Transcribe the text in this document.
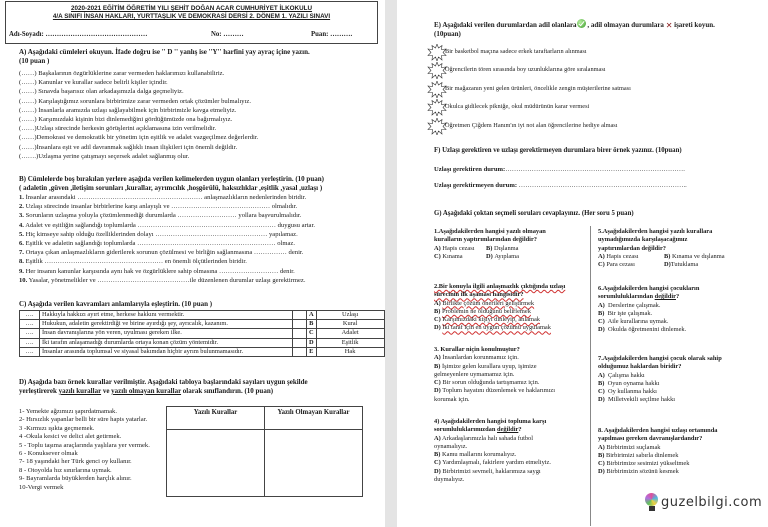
2020-2021 EĞİTİM ÖĞRETİM YILI ŞEHİT DOĞAN ACAR CUMHURİYET İLKOKULU
4/A SINIFI İNSAN HAKLARI, YURTTAŞLIK VE DEMOKRASİ DERSİ 2. DÖNEM 1. YAZILI SINAVI
Adı-Soyadı: ………………………………………	No: ………	Puan: ……….
A) Aşağıdaki cümleleri okuyun. İfade doğru ise '' D '' yanlış ise ''Y'' harfini yay ayraç içine yazın.
(10 puan )
(……) Başkalarının özgürlüklerine zarar vermeden haklarımızı kullanabiliriz.
(……) Kanunlar ve kurallar sadece belirli kişiler içindir.
(……) Sınavda başarısız olan arkadaşımızla dalga geçmeliyiz.
(……) Karşılaştığımız sorunlara birbirimize zarar vermeden ortak çözümler bulmalıyız.
(……) İnsanlarla aramızda uzlaşı sağlayabilmek için birbirimizle kavga etmeliyiz.
(……) Karşımızdaki kişinin bizi dinlemediğini gördüğümüzde ona bağırmalıyız.
(……)Uzlaşı sürecinde herkesin görüşlerini açıklamasına izin verilmelidir.
(……)Demokrasi ve demokratik bir yönetim için eşitlik ve adalet vazgeçilmez değerlerdir.
(……)İnsanlara eşit ve adil davranmak sağlıklı insan ilişkileri için önemli değildir.
(…….)Uzlaşma yerine çatışmayı seçersek adalet sağlanmış olur.
B) Cümlelerde boş bırakılan yerlere aşağıda verilen kelimelerden uygun olanları yerleştirin. (10 puan)
( adaletin ,güven ,iletişim sorunları ,kurallar, ayrımcılık ,hoşgörülü, haksızlıklar ,eşitlik ,yasal ,uzlaşı )
1. İnsanlar arasındaki ………………………………………………… anlaşmazlıkların nedenlerinden biridir.
2. Uzlaşı sürecinde insanlar birbirlerine karşı anlayışlı ve ……………………………………… olmalıdır.
3. Sorunların uzlaşma yoluyla çözümlenmediği durumlarda ……………………… yollara başvurulmalıdır.
4. Adalet ve eşitliğin sağlandığı toplumlarda ……………………………………………………… duygusu artar.
5. Hiç kimseye sahip olduğu özelliklerinden dolayı …………………………………………… yapılamaz.
6. Eşitlik ve adaletin sağlandığı toplumlarda ……………………………………………………… olmaz.
7. Ortaya çıkan anlaşmazlıkların giderilerek sorunun çözülmesi ve birliğin sağlanmasına …………… denir.
8. Eşitlik ……………………………………………… en önemli ölçütlerinden biridir.
9. Her insanın kanunlar karşısında aynı hak ve özgürlüklere sahip olmasına ……………………… denir.
10. Yasalar, yönetmelikler ve ……………………………………ile düzenlenen durumlar uzlaşı gerektirmez.
C) Aşağıda verilen kavramları anlamlarıyla eşleştirin. (10 puan )
….	Hakkıyla hakkızı ayırt etme, herkese hakkını vermektir.		A	Uzlaşı
….	Hukukun, adaletin gerektirdiği ve birine ayırdığı şey, ayrıcalık, kazanım.		B	Kural
….	İnsan davranışlarına yön veren, uyulması gereken ilke.		C	Adalet
….	İki tarafın anlaşamadığı durumlarda ortaya konan çözüm yöntemidir.		D	Eşitlik
….	İnsanlar arasında toplumsal ve siyasal bakımdan hiçbir ayrım bulunmamasıdır.		E	Hak
D) Aşağıda bazı örnek kurallar verilmiştir. Aşağıdaki tabloya başlarındaki sayıları uygun şekilde
yerleştirerek yazılı kurallar ve yazılı olmayan kurallar olarak sınıflandırın. (10 puan)
1- Yemekte ağzımızı şapırdatmamak.
2- Hırsızlık yapanlar belli bir süre hapis yatarlar.
3 -Kırmızı ışıkta geçmemek.
4 -Okula kesici ve delici alet getirmek.
5 - Toplu taşıma araçlarında yaşlılara yer vermek.
6 - Konuksever olmak
7- 18 yaşındaki her Türk genci oy kullanır.
8 - Otoyolda hız sınırlarına uymak.
9- Bayramlarda büyüklerden harçlık alınır.
10-Vergi vermek
Yazılı Kurallar	Yazılı Olmayan Kurallar

E) Aşağıdaki verilen durumlardan adil olanlara , adil olmayan durumlara ✕ işareti koyun.
(10puan)
Bir basketbol maçına sadece erkek taraftarların alınması
Öğrencilerin tören sırasında boy uzunluklarına göre sıralanması
Bir mağazanın yeni gelen ürünleri, öncelikle zengin müşterilerine satması
Okulca gidilecek pikniğe, okul müdürünün karar vermesi
Öğretmen Çiğdem Hanım'ın iyi not alan öğrencilerine hediye alması
F) Uzlaşı gerektiren ve uzlaşı gerektirmeyen durumlara birer örnek yazınız. (10puan)
Uzlaşı gerektiren durum:……………………………………………………………………….
Uzlaşı gerektirmeyen durum: …………………………………………………………………..
G) Aşağıdaki çoktan seçmeli soruları cevaplayınız. (Her soru 5 puan)
1.Aşağıdakilerden hangisi yazılı olmayan
kuralların yaptırımlarından değildir?
A) Hapis cezası	B) Dışlanma
C) Kınama	D) Ayıplama
2.Bir konuyla ilgili anlaşmazlık çıktığında uzlaşı
sürecinin ilk aşaması hangisidir?
A) Birlikte çözüm önerileri geliştirmek
B) Problemin ne olduğunu belirlemek
C) Karşımızdaki kişiyi dinleyip, anlamak
D) İki taraf için en uygun çözümü uygulamak
3. Kurallar niçin konulmuştur?
A) İnsanlardan korunmamız için.
B) İşimize gelen kurallara uyup, işimize
gelmeyenlere uymamamız için.
C) Bir sorun olduğunda tartışmamız için.
D) Toplum hayatını düzenlemek ve haklarımızı
korumak için.
4) Aşağıdakilerden hangisi topluma karşı
sorumluluklarımızdan değildir?
A) Arkadaşlarımızla halı sahada futbol
oynamalıyız.
B) Kamu mallarını korumalıyız.
C) Yardımlaşmalı, fakirlere yardım etmeliyiz.
D) Birbirimizi sevmeli, haklarımıza saygı
duymalıyız.
5.Aşağıdakilerden hangisi yazılı kurallara
uymadığımızda karşılaşacağımız
yaptırımlardan değildir?
A) Hapis cezası	B) Kınama ve dışlanma
C) Para cezası	D)Tutuklama
6.Aşağıdakilerden hangisi çocukların
sorumluluklarından değildir?
A) Derslerine çalışmak.
B) Bir işte çalışmak.
C) Aile kurallarına uymak.
D) Okulda öğretmenini dinlemek.
7.Aşağıdakilerden hangisi çocuk olarak sahip
olduğumuz haklardan biridir?
A) Çalışma hakkı
B) Oyun oynama hakkı
C) Oy kullanma hakkı
D) Milletvekili seçilme hakkı
8. Aşağıdakilerden hangisi uzlaşı ortamında
yapılması gereken davranışlardandır?
A) Birbirimizi suçlamak
B) Birbirimizi sabırla dinlemek
C) Birbirimize sesimizi yükseltmek
D) Birbirimizin sözünü kesmek
guzelbilgi.com
